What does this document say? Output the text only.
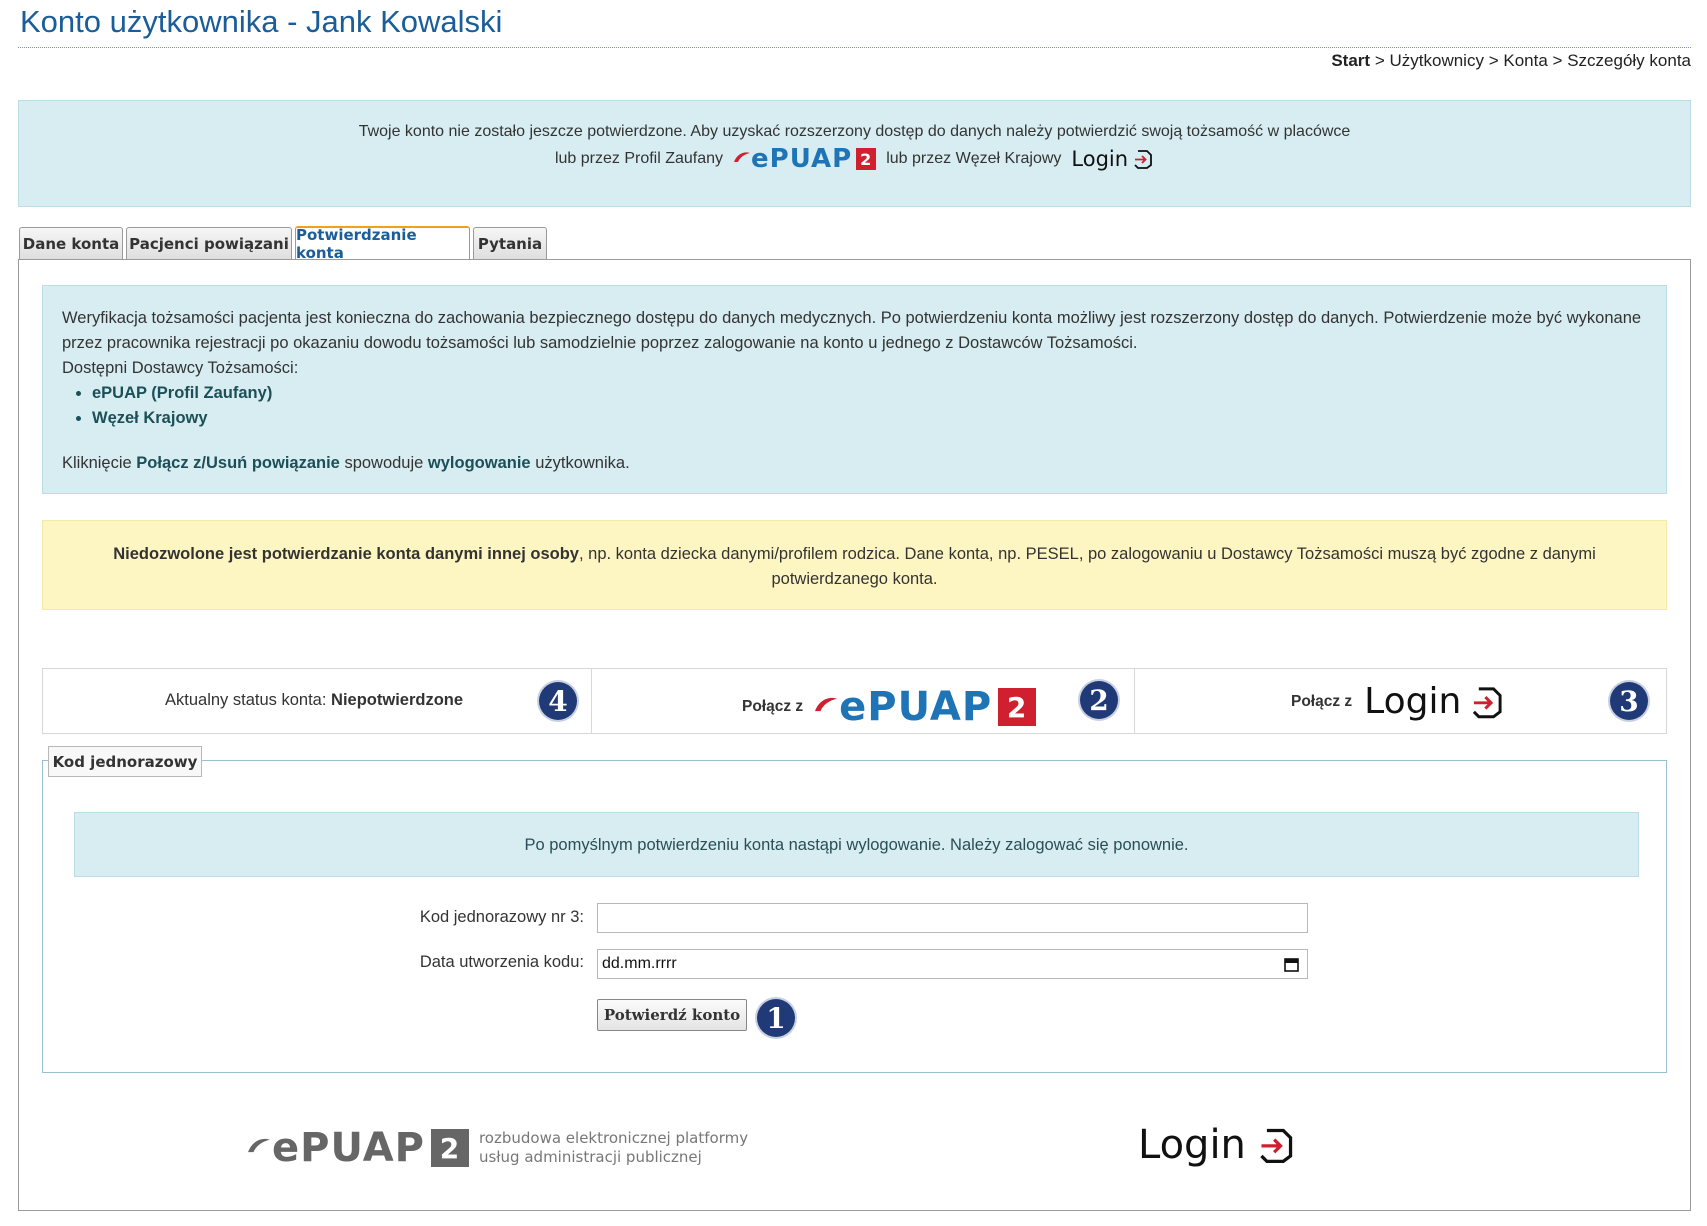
Konto użytkownika - Jank Kowalski
Start > Użytkownicy > Konta > Szczegóły konta
Twoje konto nie zostało jeszcze potwierdzone. Aby uzyskać rozszerzony dostęp do danych należy potwierdzić swoją tożsamość w placówce
lub przez Profil Zaufany ePUAP 2 lub przez Węzeł Krajowy Login
Dane konta Pacjenci powiązani Potwierdzanie konta	Pytania
Weryfikacja tożsamości pacjenta jest konieczna do zachowania bezpiecznego dostępu do danych medycznych. Po potwierdzeniu konta możliwy jest rozszerzony dostęp do danych. Potwierdzenie może być wykonane przez pracownika rejestracji po okazaniu dowodu tożsamości lub samodzielnie poprzez zalogowanie na konto u jednego z Dostawców Tożsamości.
Dostępni Dostawcy Tożsamości:
• ePUAP (Profil Zaufany)
• Węzeł Krajowy
Kliknięcie Połącz z/Usuń powiązanie spowoduje wylogowanie użytkownika.
Niedozwolone jest potwierdzanie konta danymi innej osoby, np. konta dziecka danymi/profilem rodzica. Dane konta, np. PESEL, po zalogowaniu u Dostawcy Tożsamości muszą być zgodne z danymi potwierdzanego konta.
Aktualny status konta: Niepotwierdzone	4	Połącz z ePUAP 2	2	Połącz z Login	3
Kod jednorazowy
Po pomyślnym potwierdzeniu konta nastąpi wylogowanie. Należy zalogować się ponownie.
Kod jednorazowy nr 3:
Data utworzenia kodu: dd.mm.rrrr
Potwierdź konto 1
ePUAP 2	rozbudowa elektronicznej platformy
usług administracji publicznej	Login
